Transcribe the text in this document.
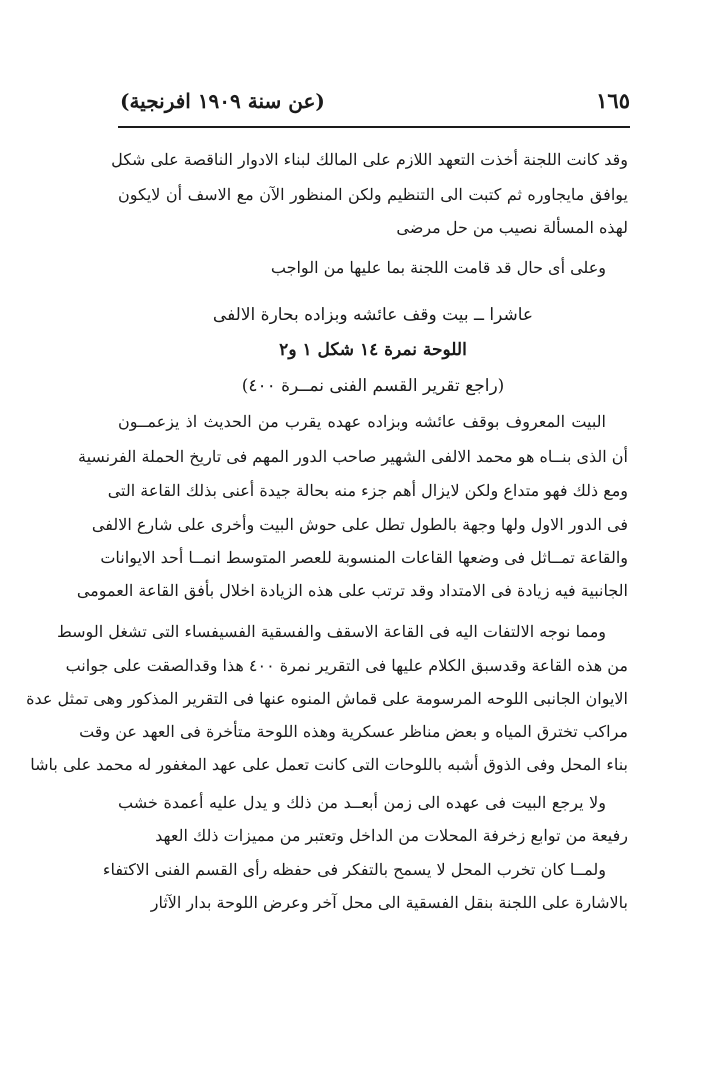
١٦٥
(عن سنة ١٩٠٩ افرنجية)
وقد كانت اللجنة أخذت التعهد اللازم على المالك لبناء الادوار الناقصة على شكل
يوافق مايجاوره ثم كتبت الى التنظيم ولكن المنظور الآن مع الاسف أن لايكون
لهذه المسألة نصيب من حل مرضى
وعلى أى حال قد قامت اللجنة بما عليها من الواجب
عاشرا ــ بيت وقف عائشه وبزاده بحارة الالفى
اللوحة نمرة ١٤ شكل ١ و٢
(راجع تقرير القسم الفنى نمــرة ٤٠٠)
البيت المعروف بوقف عائشه وبزاده عهده يقرب من الحديث اذ يزعمــون
أن الذى بنــاه هو محمد الالفى الشهير صاحب الدور المهم فى تاريخ الحملة الفرنسية
ومع ذلك فهو متداع ولكن لايزال أهم جزء منه بحالة جيدة أعنى بذلك القاعة التى
فى الدور الاول ولها وجهة بالطول تطل على حوش البيت وأخرى على شارع الالفى
والقاعة تمــاثل فى وضعها القاعات المنسوبة للعصر المتوسط انمــا أحد الايوانات
الجانبية فيه زيادة فى الامتداد وقد ترتب على هذه الزيادة اخلال بأفق القاعة العمومى
ومما نوجه الالتفات اليه فى القاعة الاسقف والفسقية الفسيفساء التى تشغل الوسط
من هذه القاعة وقدسبق الكلام عليها فى التقرير نمرة ٤٠٠ هذا وقدالصقت على جوانب
الايوان الجانبى اللوحه المرسومة على قماش المنوه عنها فى التقرير المذكور وهى تمثل عدة
مراكب تخترق المياه و بعض مناظر عسكرية وهذه اللوحة متأخرة فى العهد عن وقت
بناء المحل وفى الذوق أشبه باللوحات التى كانت تعمل على عهد المغفور له محمد على باشا
ولا يرجع البيت فى عهده الى زمن أبعــد من ذلك و يدل عليه أعمدة خشب
رفيعة من توابع زخرفة المحلات من الداخل وتعتبر من مميزات ذلك العهد
ولمــا كان تخرب المحل لا يسمح بالتفكر فى حفظه رأى القسم الفنى الاكتفاء
بالاشارة على اللجنة بنقل الفسقية الى محل آخر وعرض اللوحة بدار الآثار
